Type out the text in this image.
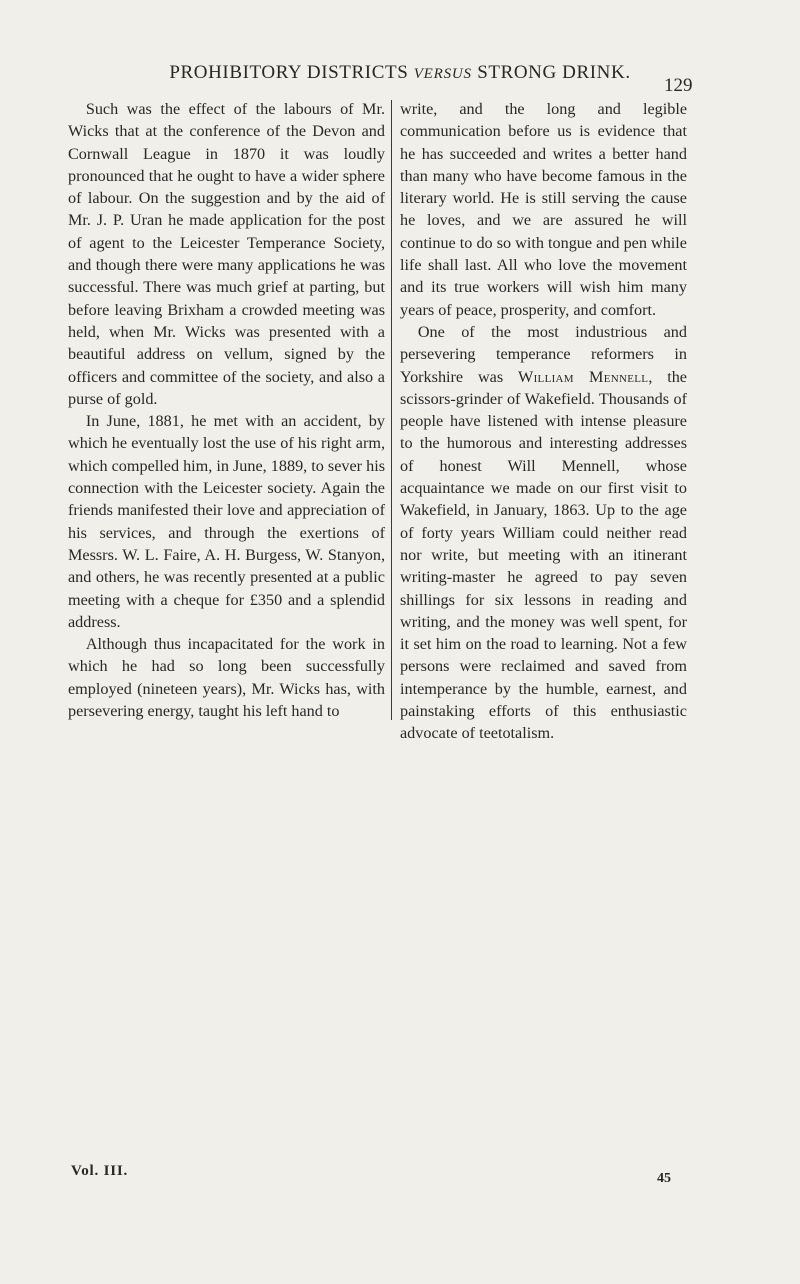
PROHIBITORY DISTRICTS VERSUS STRONG DRINK.
129

Such was the effect of the labours of Mr. Wicks that at the conference of the Devon and Cornwall League in 1870 it was loudly pronounced that he ought to have a wider sphere of labour. On the suggestion and by the aid of Mr. J. P. Uran he made application for the post of agent to the Leicester Temperance Society, and though there were many applications he was successful. There was much grief at parting, but before leaving Brixham a crowded meeting was held, when Mr. Wicks was presented with a beautiful address on vellum, signed by the officers and committee of the society, and also a purse of gold.

In June, 1881, he met with an accident, by which he eventually lost the use of his right arm, which compelled him, in June, 1889, to sever his connection with the Leicester society. Again the friends manifested their love and appreciation of his services, and through the exertions of Messrs. W. L. Faire, A. H. Burgess, W. Stanyon, and others, he was recently presented at a public meeting with a cheque for £350 and a splendid address.

Although thus incapacitated for the work in which he had so long been successfully employed (nineteen years), Mr. Wicks has, with persevering energy, taught his left hand to

write, and the long and legible communication before us is evidence that he has succeeded and writes a better hand than many who have become famous in the literary world. He is still serving the cause he loves, and we are assured he will continue to do so with tongue and pen while life shall last. All who love the movement and its true workers will wish him many years of peace, prosperity, and comfort.

One of the most industrious and persevering temperance reformers in Yorkshire was William Mennell, the scissors-grinder of Wakefield. Thousands of people have listened with intense pleasure to the humorous and interesting addresses of honest Will Mennell, whose acquaintance we made on our first visit to Wakefield, in January, 1863. Up to the age of forty years William could neither read nor write, but meeting with an itinerant writing-master he agreed to pay seven shillings for six lessons in reading and writing, and the money was well spent, for it set him on the road to learning. Not a few persons were reclaimed and saved from intemperance by the humble, earnest, and painstaking efforts of this enthusiastic advocate of teetotalism.

Vol. III.	45
